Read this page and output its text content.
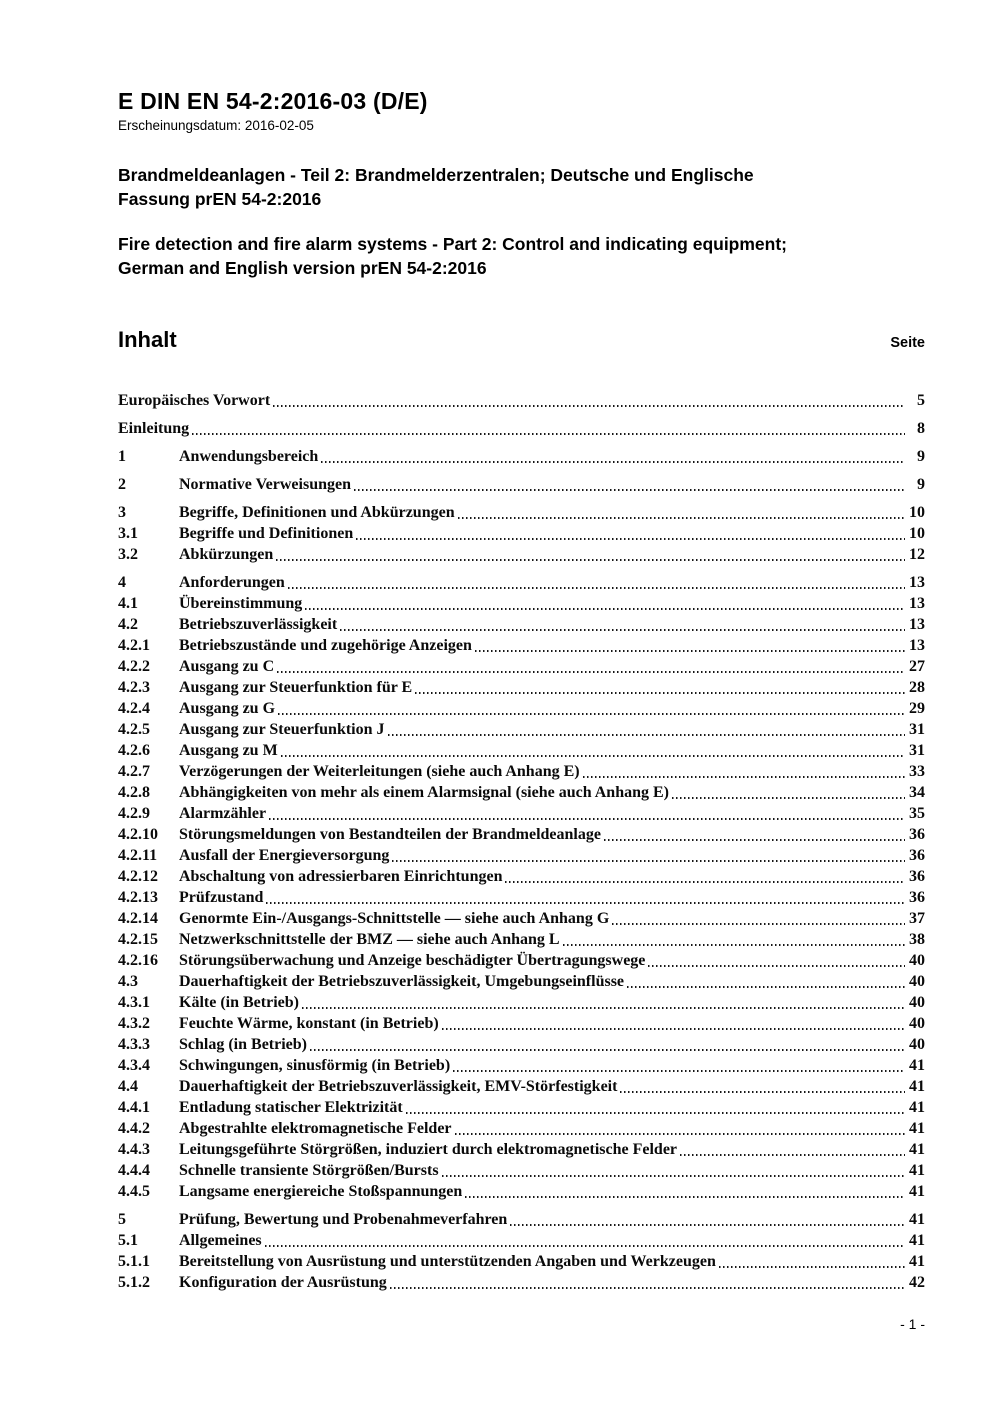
E DIN EN 54-2:2016-03 (D/E)
Erscheinungsdatum: 2016-02-05
Brandmeldeanlagen - Teil 2: Brandmelderzentralen; Deutsche und Englische
Fassung prEN 54-2:2016
Fire detection and fire alarm systems - Part 2: Control and indicating equipment;
German and English version prEN 54-2:2016
Inhalt	Seite
Europäisches Vorwort	5
Einleitung	8
1	Anwendungsbereich	9
2	Normative Verweisungen	9
3	Begriffe, Definitionen und Abkürzungen	10
3.1	Begriffe und Definitionen	10
3.2	Abkürzungen	12
4	Anforderungen	13
4.1	Übereinstimmung	13
4.2	Betriebszuverlässigkeit	13
4.2.1	Betriebszustände und zugehörige Anzeigen	13
4.2.2	Ausgang zu C	27
4.2.3	Ausgang zur Steuerfunktion für E	28
4.2.4	Ausgang zu G	29
4.2.5	Ausgang zur Steuerfunktion J	31
4.2.6	Ausgang zu M	31
4.2.7	Verzögerungen der Weiterleitungen (siehe auch Anhang E)	33
4.2.8	Abhängigkeiten von mehr als einem Alarmsignal (siehe auch Anhang E)	34
4.2.9	Alarmzähler	35
4.2.10	Störungsmeldungen von Bestandteilen der Brandmeldeanlage	36
4.2.11	Ausfall der Energieversorgung	36
4.2.12	Abschaltung von adressierbaren Einrichtungen	36
4.2.13	Prüfzustand	36
4.2.14	Genormte Ein-/Ausgangs-Schnittstelle — siehe auch Anhang G	37
4.2.15	Netzwerkschnittstelle der BMZ — siehe auch Anhang L	38
4.2.16	Störungsüberwachung und Anzeige beschädigter Übertragungswege	40
4.3	Dauerhaftigkeit der Betriebszuverlässigkeit, Umgebungseinflüsse	40
4.3.1	Kälte (in Betrieb)	40
4.3.2	Feuchte Wärme, konstant (in Betrieb)	40
4.3.3	Schlag (in Betrieb)	40
4.3.4	Schwingungen, sinusförmig (in Betrieb)	41
4.4	Dauerhaftigkeit der Betriebszuverlässigkeit, EMV-Störfestigkeit	41
4.4.1	Entladung statischer Elektrizität	41
4.4.2	Abgestrahlte elektromagnetische Felder	41
4.4.3	Leitungsgeführte Störgrößen, induziert durch elektromagnetische Felder	41
4.4.4	Schnelle transiente Störgrößen/Bursts	41
4.4.5	Langsame energiereiche Stoßspannungen	41
5	Prüfung, Bewertung und Probenahmeverfahren	41
5.1	Allgemeines	41
5.1.1	Bereitstellung von Ausrüstung und unterstützenden Angaben und Werkzeugen	41
5.1.2	Konfiguration der Ausrüstung	42
- 1 -
